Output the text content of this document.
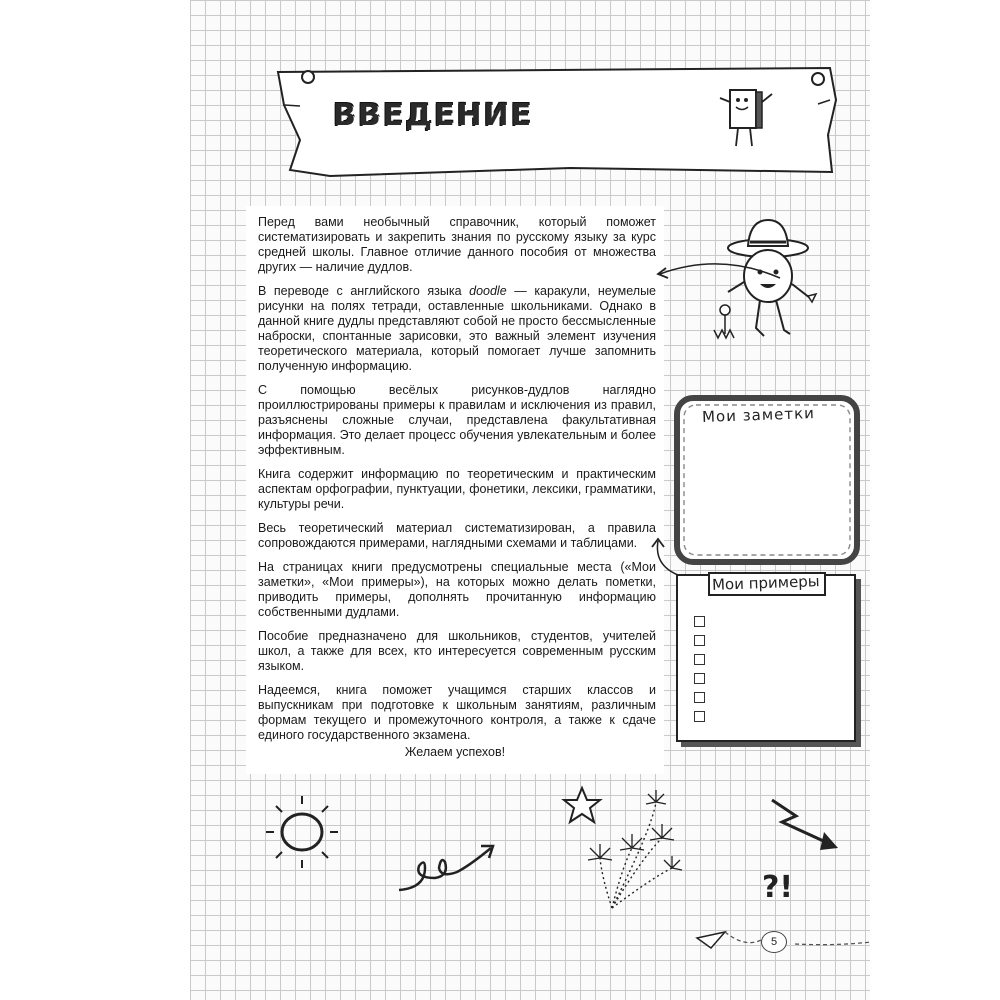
ВВЕДЕНИЕ

Перед вами необычный справочник, который поможет систематизировать и закрепить знания по русскому языку за курс средней школы. Главное отличие данного пособия от множества других — наличие дудлов.

В переводе с английского языка doodle — каракули, неумелые рисунки на полях тетради, оставленные школьниками. Однако в данной книге дудлы представляют собой не просто бессмысленные наброски, спонтанные зарисовки, это важный элемент изучения теоретического материала, который помогает лучше запомнить полученную информацию.

С помощью весёлых рисунков-дудлов наглядно проиллюстрированы примеры к правилам и исключения из правил, разъяснены сложные случаи, представлена факультативная информация. Это делает процесс обучения увлекательным и более эффективным.

Книга содержит информацию по теоретическим и практическим аспектам орфографии, пунктуации, фонетики, лексики, грамматики, культуры речи.

Весь теоретический материал систематизирован, а правила сопровождаются примерами, наглядными схемами и таблицами.

На страницах книги предусмотрены специальные места («Мои заметки», «Мои примеры»), на которых можно делать пометки, приводить примеры, дополнять прочитанную информацию собственными дудлами.

Пособие предназначено для школьников, студентов, учителей школ, а также для всех, кто интересуется современным русским языком.

Надеемся, книга поможет учащимся старших классов и выпускникам при подготовке к школьным занятиям, различным формам текущего и промежуточного контроля, а также к сдаче единого государственного экзамена.

Желаем успехов!
Мои заметки
Мои примеры
?!
5
